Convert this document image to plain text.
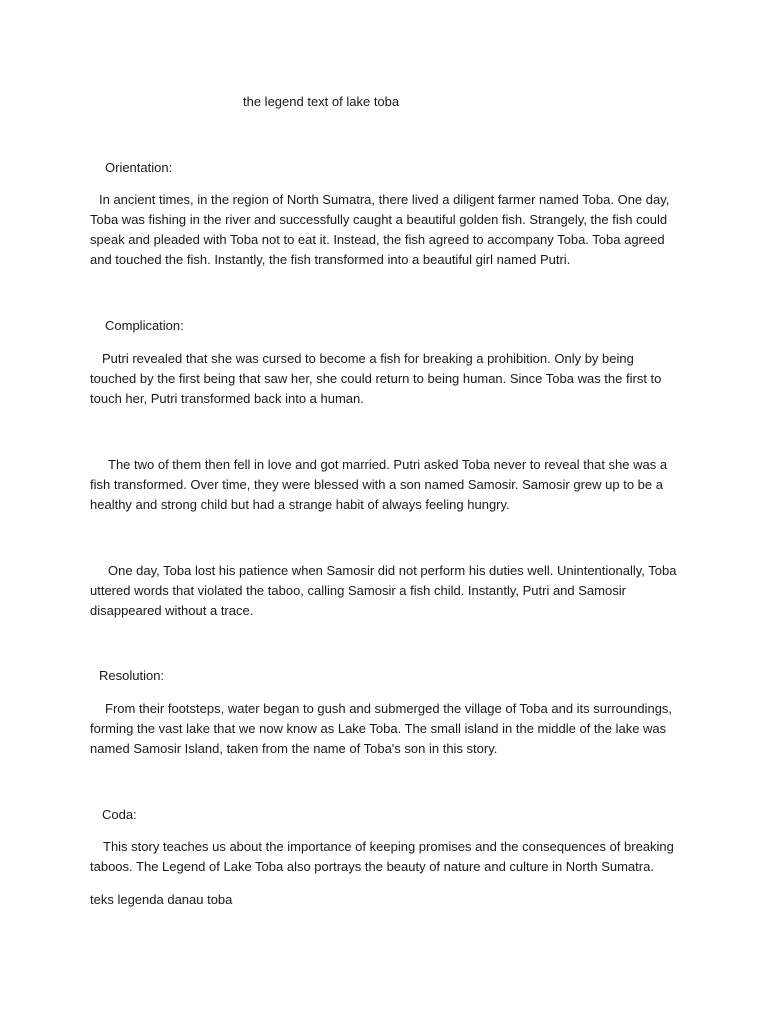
the legend text of lake toba
Orientation:
In ancient times, in the region of North Sumatra, there lived a diligent farmer named Toba. One day, Toba was fishing in the river and successfully caught a beautiful golden fish. Strangely, the fish could speak and pleaded with Toba not to eat it. Instead, the fish agreed to accompany Toba. Toba agreed and touched the fish. Instantly, the fish transformed into a beautiful girl named Putri.
Complication:
Putri revealed that she was cursed to become a fish for breaking a prohibition. Only by being touched by the first being that saw her, she could return to being human. Since Toba was the first to touch her, Putri transformed back into a human.
The two of them then fell in love and got married. Putri asked Toba never to reveal that she was a fish transformed. Over time, they were blessed with a son named Samosir. Samosir grew up to be a healthy and strong child but had a strange habit of always feeling hungry.
One day, Toba lost his patience when Samosir did not perform his duties well. Unintentionally, Toba uttered words that violated the taboo, calling Samosir a fish child. Instantly, Putri and Samosir disappeared without a trace.
Resolution:
From their footsteps, water began to gush and submerged the village of Toba and its surroundings, forming the vast lake that we now know as Lake Toba. The small island in the middle of the lake was named Samosir Island, taken from the name of Toba's son in this story.
Coda:
This story teaches us about the importance of keeping promises and the consequences of breaking taboos. The Legend of Lake Toba also portrays the beauty of nature and culture in North Sumatra.
teks legenda danau toba
